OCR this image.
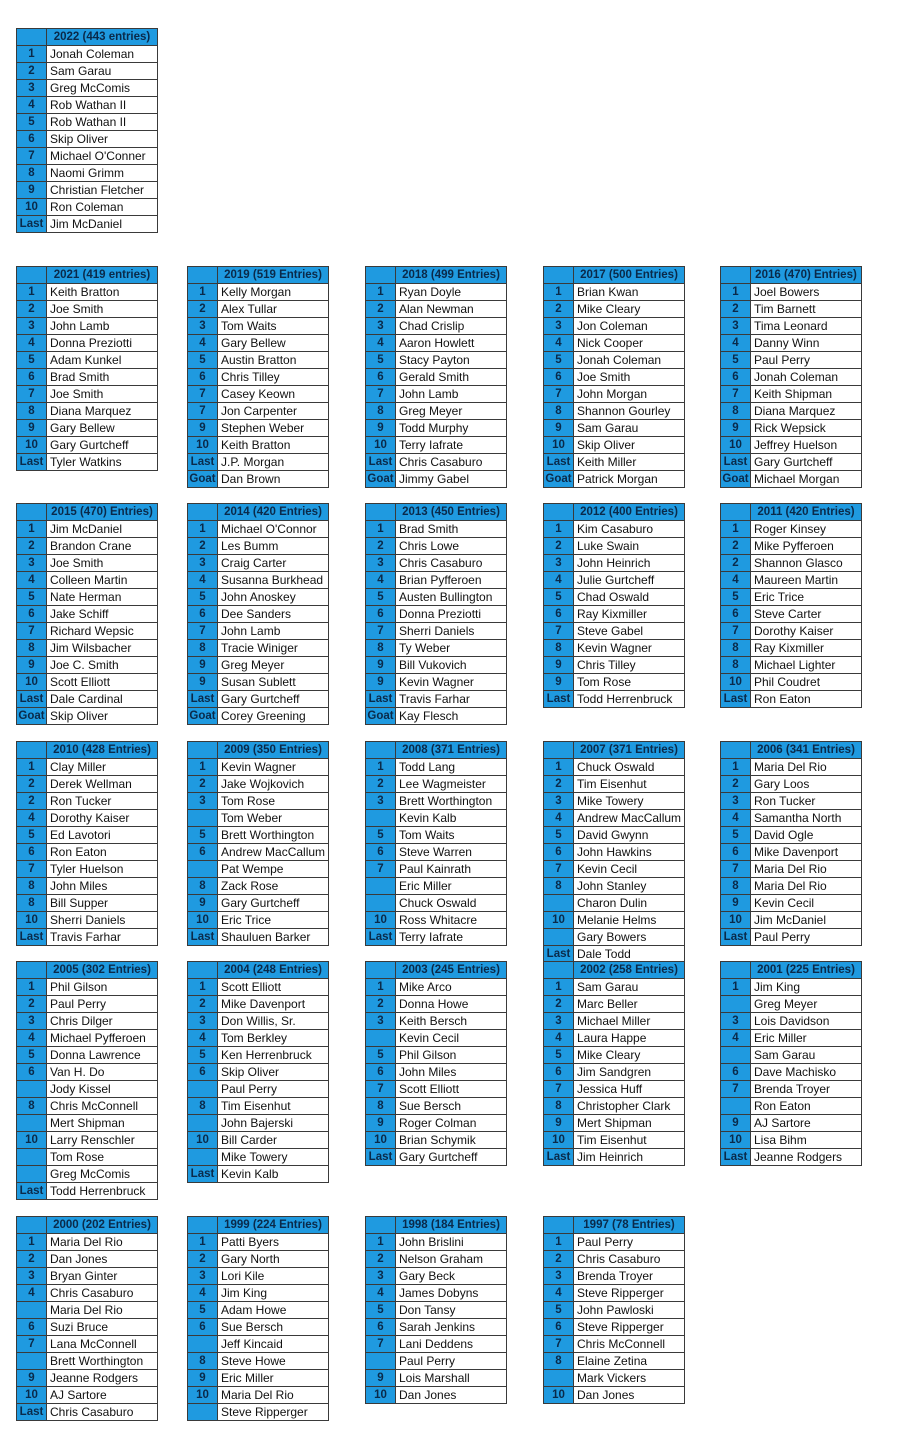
	2022 (443 entries)
1	Jonah Coleman
2	Sam Garau
3	Greg McComis
4	Rob Wathan II
5	Rob Wathan II
6	Skip Oliver
7	Michael O'Conner
8	Naomi Grimm
9	Christian Fletcher
10	Ron Coleman
Last	Jim McDaniel
	2021 (419 entries)
1	Keith Bratton
2	Joe Smith
3	John Lamb
4	Donna Preziotti
5	Adam Kunkel
6	Brad Smith
7	Joe Smith
8	Diana Marquez
9	Gary Bellew
10	Gary Gurtcheff
Last	Tyler Watkins
	2019 (519 Entries)
1	Kelly Morgan
2	Alex Tullar
3	Tom Waits
4	Gary Bellew
5	Austin Bratton
6	Chris Tilley
7	Casey Keown
7	Jon Carpenter
9	Stephen Weber
10	Keith Bratton
Last	J.P. Morgan
Goat	Dan Brown
	2018 (499 Entries)
1	Ryan Doyle
2	Alan Newman
3	Chad Crislip
4	Aaron Howlett
5	Stacy Payton
6	Gerald Smith
7	John Lamb
8	Greg Meyer
9	Todd Murphy
10	Terry Iafrate
Last	Chris Casaburo
Goat	Jimmy Gabel
	2017 (500 Entries)
1	Brian Kwan
2	Mike Cleary
3	Jon Coleman
4	Nick Cooper
5	Jonah Coleman
6	Joe Smith
7	John Morgan
8	Shannon Gourley
9	Sam Garau
10	Skip Oliver
Last	Keith Miller
Goat	Patrick Morgan
	2016 (470) Entries)
1	Joel Bowers
2	Tim Barnett
3	Tima Leonard
4	Danny Winn
5	Paul Perry
6	Jonah Coleman
7	Keith Shipman
8	Diana Marquez
9	Rick Wepsick
10	Jeffrey Huelson
Last	Gary Gurtcheff
Goat	Michael Morgan
	2015 (470) Entries)
1	Jim McDaniel
2	Brandon Crane
3	Joe Smith
4	Colleen Martin
5	Nate Herman
6	Jake Schiff
7	Richard Wepsic
8	Jim Wilsbacher
9	Joe C. Smith
10	Scott Elliott
Last	Dale Cardinal
Goat	Skip Oliver
	2014 (420 Entries)
1	Michael O'Connor
2	Les Bumm
3	Craig Carter
4	Susanna Burkhead
5	John Anoskey
6	Dee Sanders
7	John Lamb
8	Tracie Winiger
9	Greg Meyer
9	Susan Sublett
Last	Gary Gurtcheff
Goat	Corey Greening
	2013 (450 Entries)
1	Brad Smith
2	Chris Lowe
3	Chris Casaburo
4	Brian Pyfferoen
5	Austen Bullington
6	Donna Preziotti
7	Sherri Daniels
8	Ty Weber
9	Bill Vukovich
9	Kevin Wagner
Last	Travis Farhar
Goat	Kay Flesch
	2012 (400 Entries)
1	Kim Casaburo
2	Luke Swain
3	John Heinrich
4	Julie Gurtcheff
5	Chad Oswald
6	Ray Kixmiller
7	Steve Gabel
8	Kevin Wagner
9	Chris Tilley
9	Tom Rose
Last	Todd Herrenbruck
	2011 (420 Entries)
1	Roger Kinsey
2	Mike Pyfferoen
2	Shannon Glasco
4	Maureen Martin
5	Eric Trice
6	Steve Carter
7	Dorothy Kaiser
8	Ray Kixmiller
8	Michael Lighter
10	Phil Coudret
Last	Ron Eaton
	2010 (428 Entries)
1	Clay Miller
2	Derek Wellman
2	Ron Tucker
4	Dorothy Kaiser
5	Ed Lavotori
6	Ron Eaton
7	Tyler Huelson
8	John Miles
8	Bill Supper
10	Sherri Daniels
Last	Travis Farhar
	2009 (350 Entries)
1	Kevin Wagner
2	Jake Wojkovich
3	Tom Rose
	Tom Weber
5	Brett Worthington
6	Andrew MacCallum
	Pat Wempe
8	Zack Rose
9	Gary Gurtcheff
10	Eric Trice
Last	Shauluen Barker
	2008 (371 Entries)
1	Todd Lang
2	Lee Wagmeister
3	Brett Worthington
	Kevin Kalb
5	Tom Waits
6	Steve Warren
7	Paul Kainrath
	Eric Miller
	Chuck Oswald
10	Ross Whitacre
Last	Terry Iafrate
	2007 (371 Entries)
1	Chuck Oswald
2	Tim Eisenhut
3	Mike Towery
4	Andrew MacCallum
5	David Gwynn
6	John Hawkins
7	Kevin Cecil
8	John Stanley
	Charon Dulin
10	Melanie Helms
	Gary Bowers
Last	Dale Todd
	2006 (341 Entries)
1	Maria Del Rio
2	Gary Loos
3	Ron Tucker
4	Samantha North
5	David Ogle
6	Mike Davenport
7	Maria Del Rio
8	Maria Del Rio
9	Kevin Cecil
10	Jim McDaniel
Last	Paul Perry
	2005 (302 Entries)
1	Phil Gilson
2	Paul Perry
3	Chris Dilger
4	Michael Pyfferoen
5	Donna Lawrence
6	Van H. Do
	Jody Kissel
8	Chris McConnell
	Mert Shipman
10	Larry Renschler
	Tom Rose
	Greg McComis
Last	Todd Herrenbruck
	2004 (248 Entries)
1	Scott Elliott
2	Mike Davenport
3	Don Willis, Sr.
4	Tom Berkley
5	Ken Herrenbruck
6	Skip Oliver
	Paul Perry
8	Tim Eisenhut
	John Bajerski
10	Bill Carder
	Mike Towery
Last	Kevin Kalb
	2003 (245 Entries)
1	Mike Arco
2	Donna Howe
3	Keith Bersch
	Kevin Cecil
5	Phil Gilson
6	John Miles
7	Scott Elliott
8	Sue Bersch
9	Roger Colman
10	Brian Schymik
Last	Gary Gurtcheff
	2002 (258 Entries)
1	Sam Garau
2	Marc Beller
3	Michael Miller
4	Laura Happe
5	Mike Cleary
6	Jim Sandgren
7	Jessica Huff
8	Christopher Clark
9	Mert Shipman
10	Tim Eisenhut
Last	Jim Heinrich
	2001 (225 Entries)
1	Jim King
	Greg Meyer
3	Lois Davidson
4	Eric Miller
	Sam Garau
6	Dave Machisko
7	Brenda Troyer
	Ron Eaton
9	AJ Sartore
10	Lisa Bihm
Last	Jeanne Rodgers
	2000 (202 Entries)
1	Maria Del Rio
2	Dan Jones
3	Bryan Ginter
4	Chris Casaburo
	Maria Del Rio
6	Suzi Bruce
7	Lana McConnell
	Brett Worthington
9	Jeanne Rodgers
10	AJ Sartore
Last	Chris Casaburo
	1999 (224 Entries)
1	Patti Byers
2	Gary North
3	Lori Kile
4	Jim King
5	Adam Howe
6	Sue Bersch
	Jeff Kincaid
8	Steve Howe
9	Eric Miller
10	Maria Del Rio
	Steve Ripperger
	1998 (184 Entries)
1	John Brislini
2	Nelson Graham
3	Gary Beck
4	James Dobyns
5	Don Tansy
6	Sarah Jenkins
7	Lani Deddens
	Paul Perry
9	Lois Marshall
10	Dan Jones
	1997 (78 Entries)
1	Paul Perry
2	Chris Casaburo
3	Brenda Troyer
4	Steve Ripperger
5	John Pawloski
6	Steve Ripperger
7	Chris McConnell
8	Elaine Zetina
	Mark Vickers
10	Dan Jones
